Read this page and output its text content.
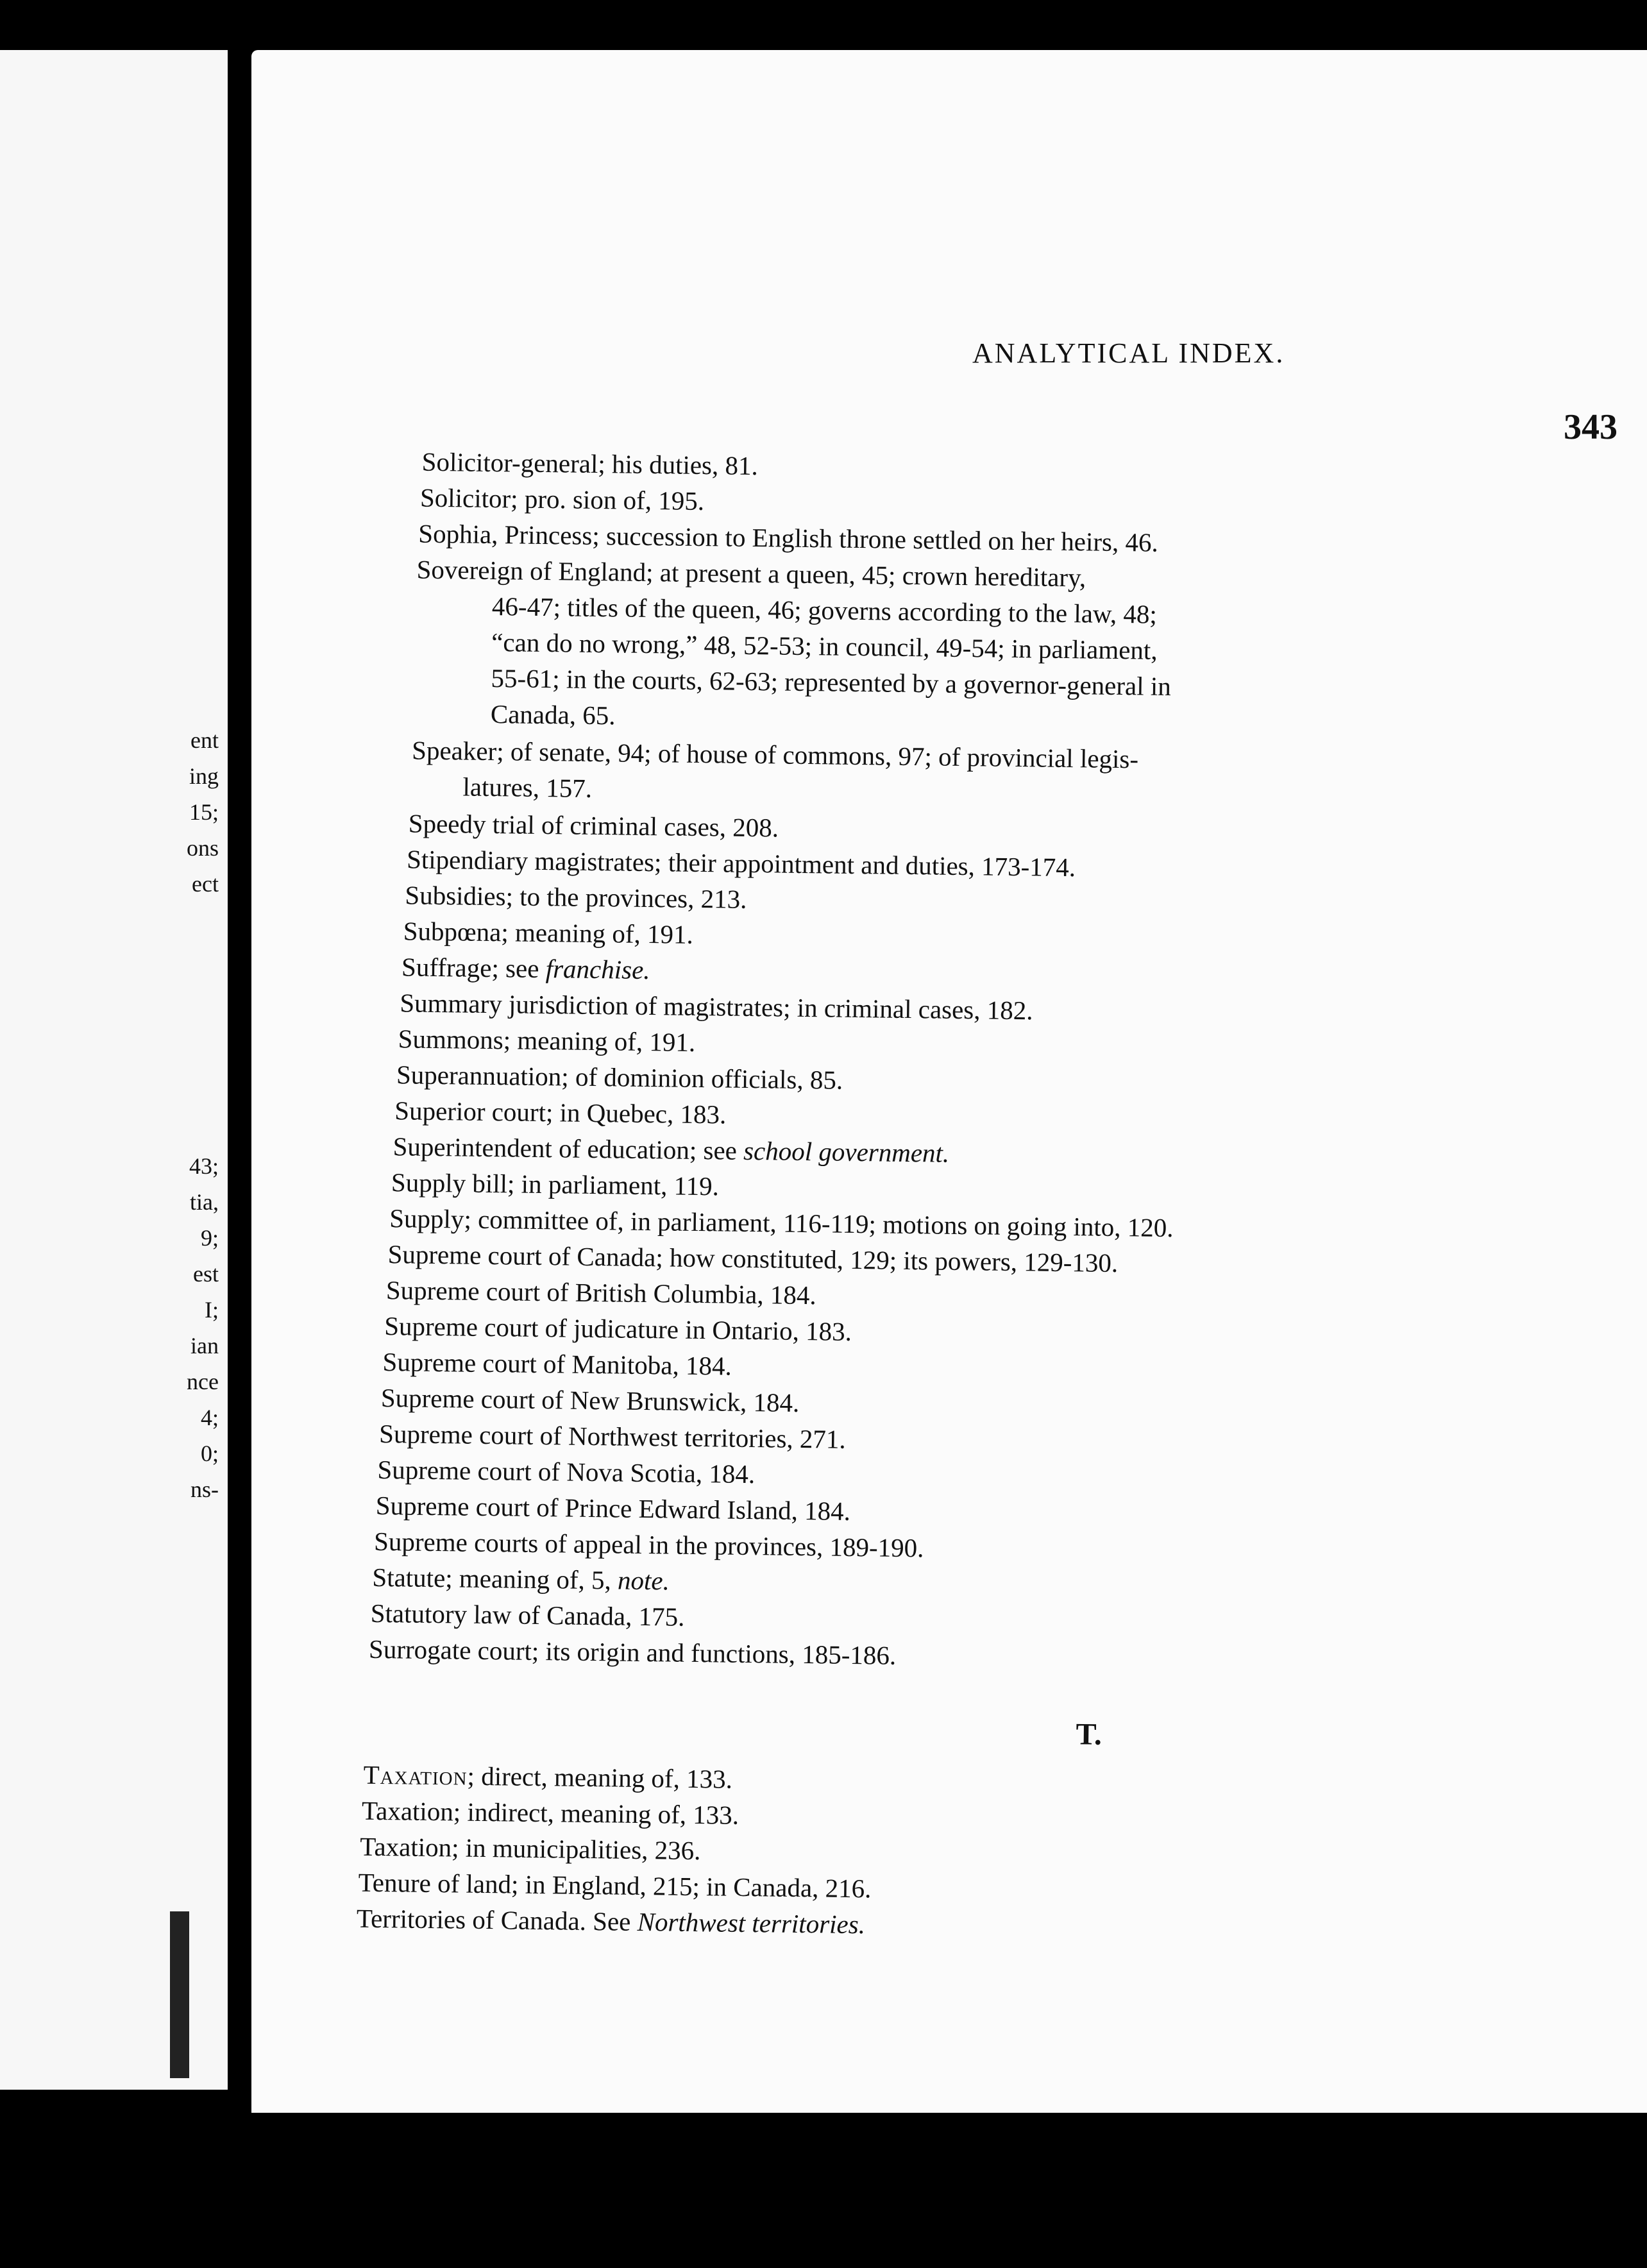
ent
ing
15;
ons
ect
43;
tia,
9;
est
I;
ian
nce
4;
0;
ns-
ANALYTICAL INDEX.
343
Solicitor-general; his duties, 81.
Solicitor; pro. sion of, 195.
Sophia, Princess; succession to English throne settled on her heirs, 46.
Sovereign of England; at present a queen, 45; crown hereditary,
46-47; titles of the queen, 46; governs according to the law, 48;
“can do no wrong,” 48, 52-53; in council, 49-54; in parliament,
55-61; in the courts, 62-63; represented by a governor-general in
Canada, 65.
Speaker; of senate, 94; of house of commons, 97; of provincial legis-
latures, 157.
Speedy trial of criminal cases, 208.
Stipendiary magistrates; their appointment and duties, 173-174.
Subsidies; to the provinces, 213.
Subpœna; meaning of, 191.
Suffrage; see franchise.
Summary jurisdiction of magistrates; in criminal cases, 182.
Summons; meaning of, 191.
Superannuation; of dominion officials, 85.
Superior court; in Quebec, 183.
Superintendent of education; see school government.
Supply bill; in parliament, 119.
Supply; committee of, in parliament, 116-119; motions on going into, 120.
Supreme court of Canada; how constituted, 129; its powers, 129-130.
Supreme court of British Columbia, 184.
Supreme court of judicature in Ontario, 183.
Supreme court of Manitoba, 184.
Supreme court of New Brunswick, 184.
Supreme court of Northwest territories, 271.
Supreme court of Nova Scotia, 184.
Supreme court of Prince Edward Island, 184.
Supreme courts of appeal in the provinces, 189-190.
Statute; meaning of, 5, note.
Statutory law of Canada, 175.
Surrogate court; its origin and functions, 185-186.
T.
Taxation; direct, meaning of, 133.
Taxation; indirect, meaning of, 133.
Taxation; in municipalities, 236.
Tenure of land; in England, 215; in Canada, 216.
Territories of Canada. See Northwest territories.
